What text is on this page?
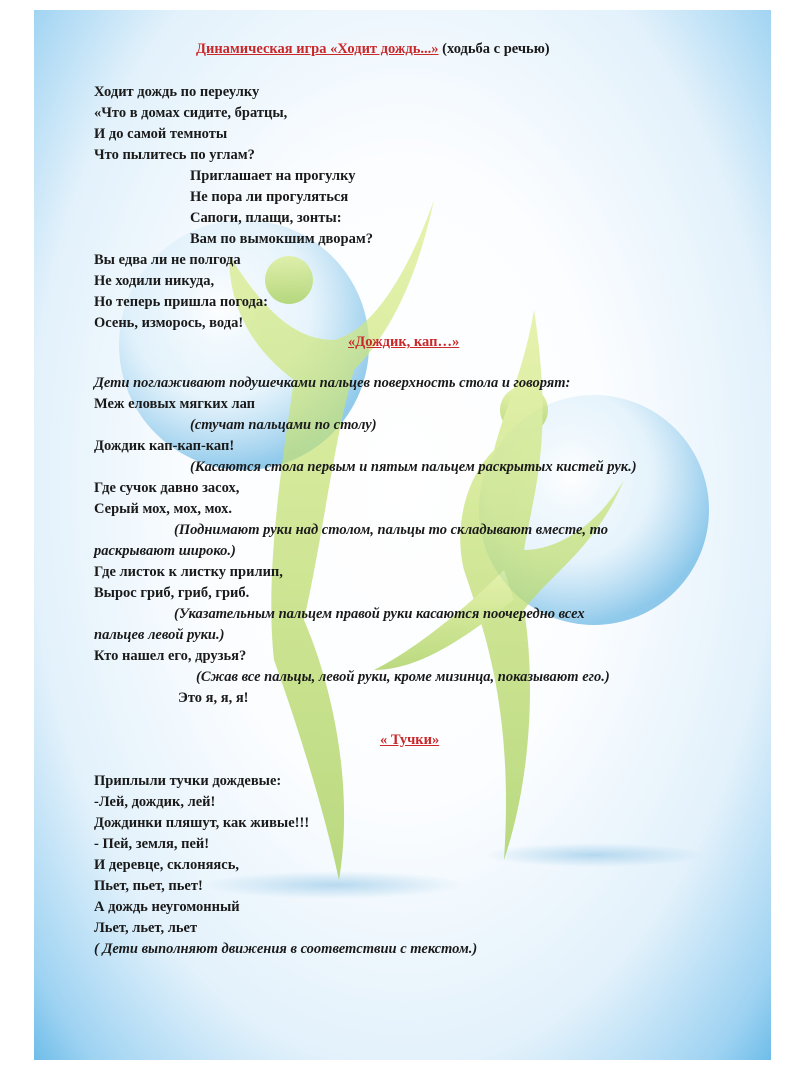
Динамическая игра «Ходит дождь...» (ходьба с речью)
Ходит дождь по переулку
«Что в домах сидите, братцы,
И до самой темноты
Что пылитесь по углам?
Приглашает на прогулку
Не пора ли прогуляться
Сапоги, плащи, зонты:
Вам по вымокшим дворам?
Вы едва ли не полгода
Не ходили никуда,
Но теперь пришла погода:
Осень, изморось, вода!
«Дождик, кап…»
Дети поглаживают подушечками пальцев поверхность стола и говорят:
Меж еловых мягких лап
(стучат пальцами по столу)
Дождик кап-кап-кап!
(Касаются стола первым и пятым пальцем раскрытых кистей рук.)
Где сучок давно засох,
Серый мох, мох, мох.
(Поднимают руки над столом, пальцы то складывают вместе, то
раскрывают широко.)
Где листок к листку прилип,
Вырос гриб, гриб, гриб.
(Указательным пальцем правой руки касаются поочередно всех
пальцев левой руки.)
Кто нашел его, друзья?
(Сжав все пальцы, левой руки, кроме мизинца, показывают его.)
Это я, я, я!
« Тучки»
Приплыли тучки дождевые:
-Лей, дождик, лей!
Дождинки пляшут, как живые!!!
- Пей, земля, пей!
И деревце, склоняясь,
Пьет, пьет, пьет!
А дождь неугомонный
Льет, льет, льет
( Дети выполняют движения в соответствии с текстом.)
